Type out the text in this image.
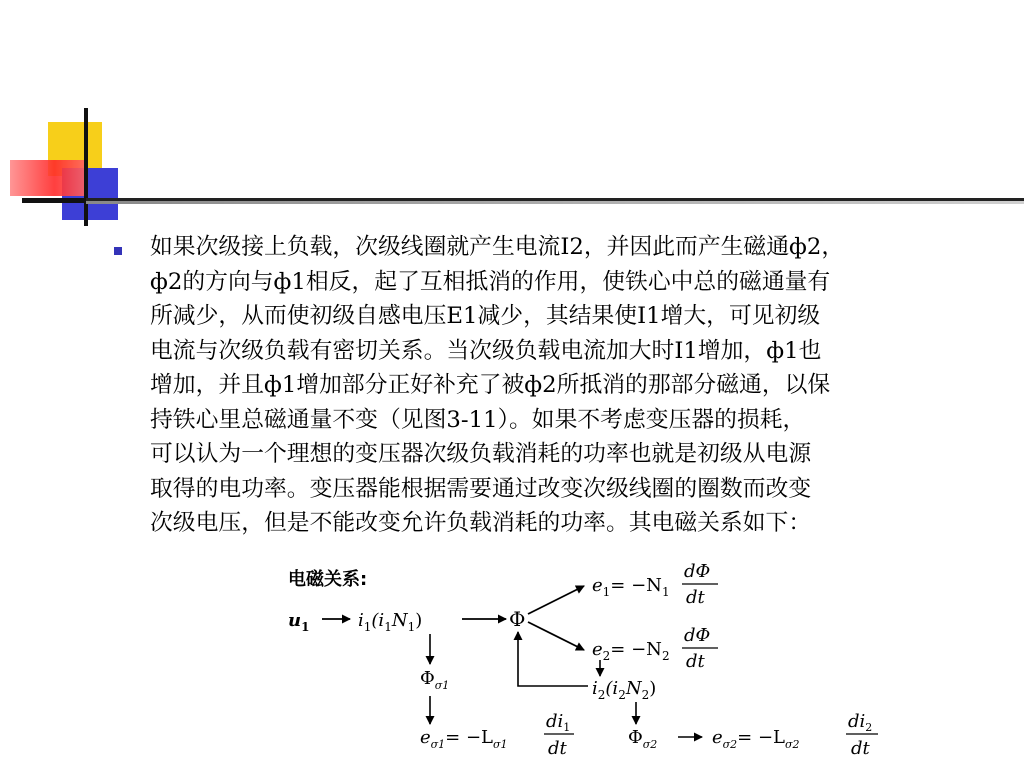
如果次级接上负载，次级线圈就产生电流I2，并因此而产生磁通ф2，
ф2的方向与ф1相反，起了互相抵消的作用，使铁心中总的磁通量有
所减少，从而使初级自感电压E1减少，其结果使I1增大，可见初级
电流与次级负载有密切关系。当次级负载电流加大时I1增加，ф1也
增加，并且ф1增加部分正好补充了被ф2所抵消的那部分磁通，以保
持铁心里总磁通量不变（见图3-11）。如果不考虑变压器的损耗，
可以认为一个理想的变压器次级负载消耗的功率也就是初级从电源
取得的电功率。变压器能根据需要通过改变次级线圈的圈数而改变
次级电压，但是不能改变允许负载消耗的功率。其电磁关系如下：
电磁关系:
$u_1$	$i_1(i_1N_1)$	Φ
$e_1= -N_1$
dΦ
dt
$e_2= -N_2$
dΦ
dt
$i_2(i_2N_2)$
$\Phi_{\sigma 1}$
$e_{\sigma 1}= -L_{\sigma 1}$
$di_1$
dt
$\Phi_{\sigma 2}$	$e_{\sigma 2}= -L_{\sigma 2}$
$di_2$
dt
